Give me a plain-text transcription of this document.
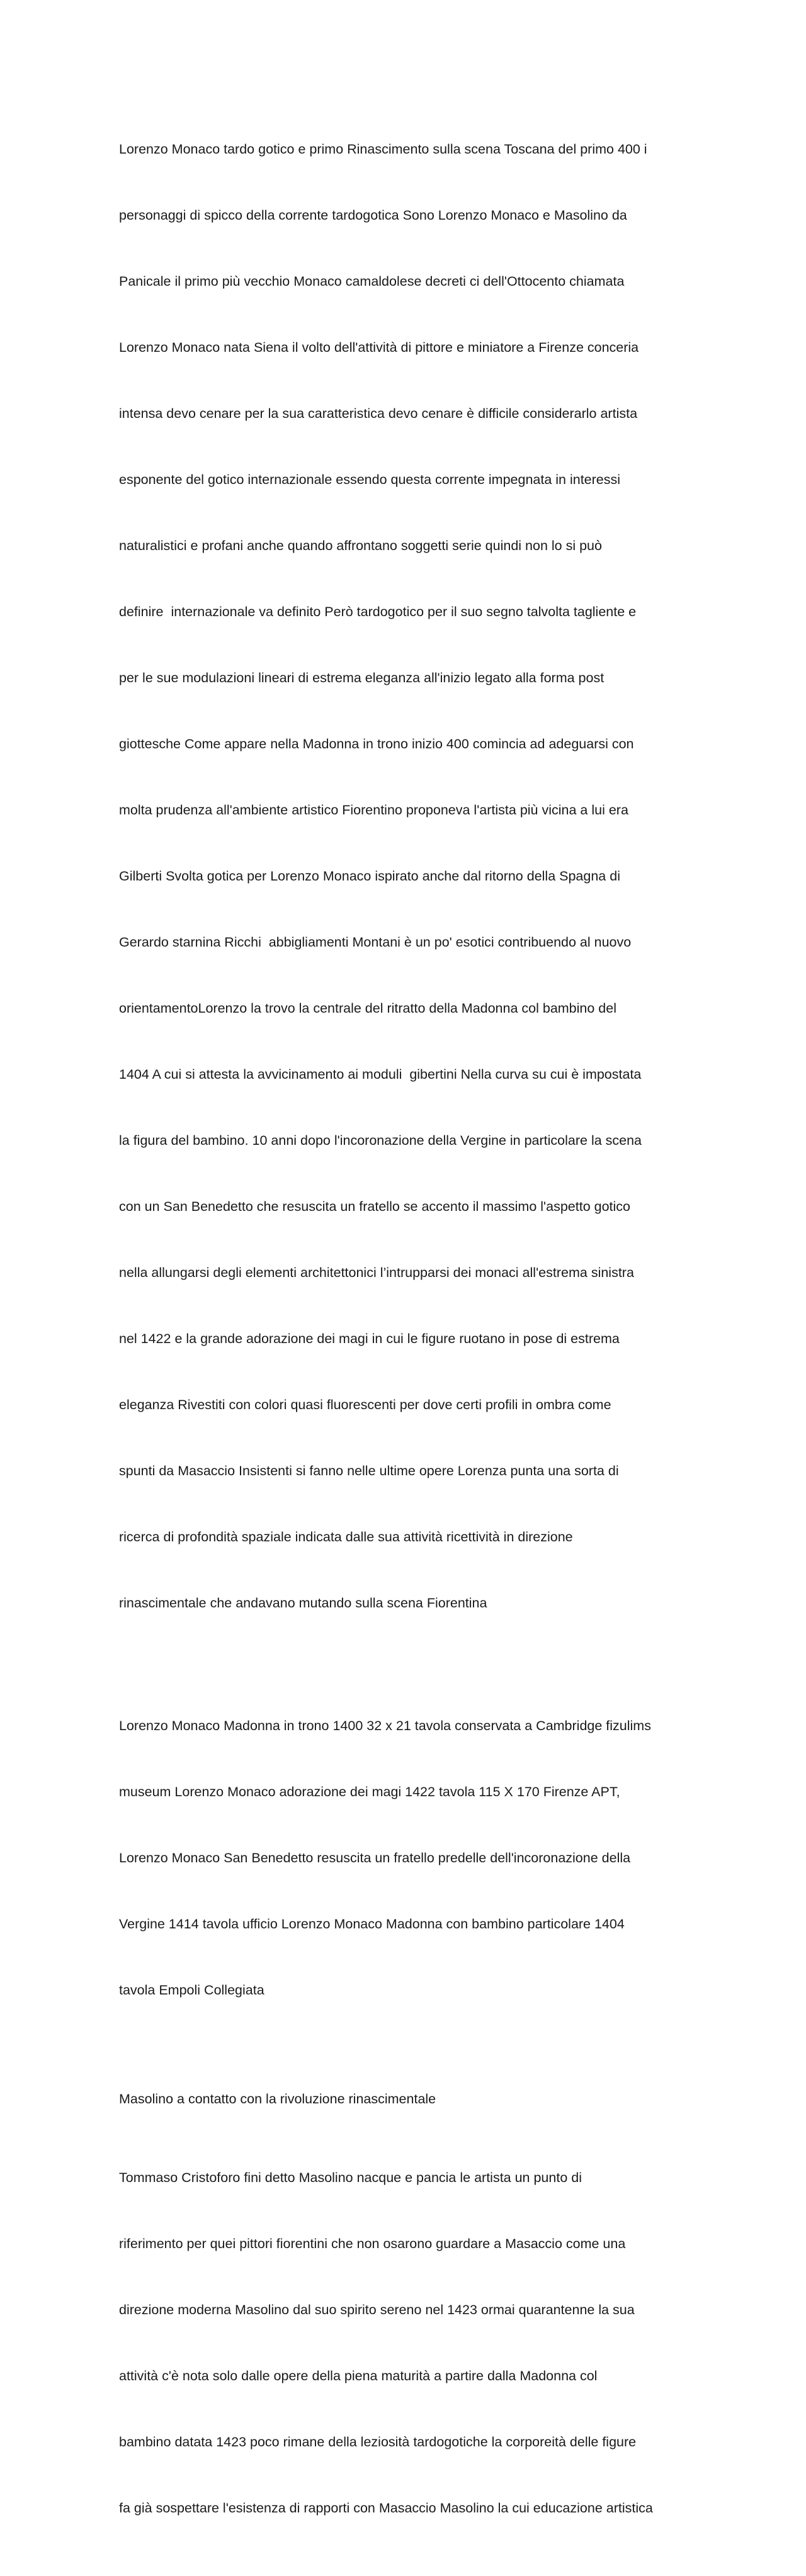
Lorenzo Monaco tardo gotico e primo Rinascimento sulla scena Toscana del primo 400 i

personaggi di spicco della corrente tardogotica Sono Lorenzo Monaco e Masolino da

Panicale il primo più vecchio Monaco camaldolese decreti ci dell'Ottocento chiamata

Lorenzo Monaco nata Siena il volto dell'attività di pittore e miniatore a Firenze conceria

intensa devo cenare per la sua caratteristica devo cenare è difficile considerarlo artista

esponente del gotico internazionale essendo questa corrente impegnata in interessi

naturalistici e profani anche quando affrontano soggetti serie quindi non lo si può

definire  internazionale va definito Però tardogotico per il suo segno talvolta tagliente e

per le sue modulazioni lineari di estrema eleganza all'inizio legato alla forma post

giottesche Come appare nella Madonna in trono inizio 400 comincia ad adeguarsi con

molta prudenza all'ambiente artistico Fiorentino proponeva l'artista più vicina a lui era

Gilberti Svolta gotica per Lorenzo Monaco ispirato anche dal ritorno della Spagna di

Gerardo starnina Ricchi  abbigliamenti Montani è un po' esotici contribuendo al nuovo

orientamentoLorenzo la trovo la centrale del ritratto della Madonna col bambino del

1404 A cui si attesta la avvicinamento ai moduli  gibertini Nella curva su cui è impostata

la figura del bambino. 10 anni dopo l'incoronazione della Vergine in particolare la scena

con un San Benedetto che resuscita un fratello se accento il massimo l'aspetto gotico

nella allungarsi degli elementi architettonici l’intrupparsi dei monaci all'estrema sinistra

nel 1422 e la grande adorazione dei magi in cui le figure ruotano in pose di estrema

eleganza Rivestiti con colori quasi fluorescenti per dove certi profili in ombra come

spunti da Masaccio Insistenti si fanno nelle ultime opere Lorenza punta una sorta di

ricerca di profondità spaziale indicata dalle sua attività ricettività in direzione

rinascimentale che andavano mutando sulla scena Fiorentina

Lorenzo Monaco Madonna in trono 1400 32 x 21 tavola conservata a Cambridge fizulims

museum Lorenzo Monaco adorazione dei magi 1422 tavola 115 X 170 Firenze APT,

Lorenzo Monaco San Benedetto resuscita un fratello predelle dell'incoronazione della

Vergine 1414 tavola ufficio Lorenzo Monaco Madonna con bambino particolare 1404

tavola Empoli Collegiata

Masolino a contatto con la rivoluzione rinascimentale

Tommaso Cristoforo fini detto Masolino nacque e pancia le artista un punto di

riferimento per quei pittori fiorentini che non osarono guardare a Masaccio come una

direzione moderna Masolino dal suo spirito sereno nel 1423 ormai quarantenne la sua

attività c'è nota solo dalle opere della piena maturità a partire dalla Madonna col

bambino datata 1423 poco rimane della leziosità tardogotiche la corporeità delle figure

fa già sospettare l'esistenza di rapporti con Masaccio Masolino la cui educazione artistica
